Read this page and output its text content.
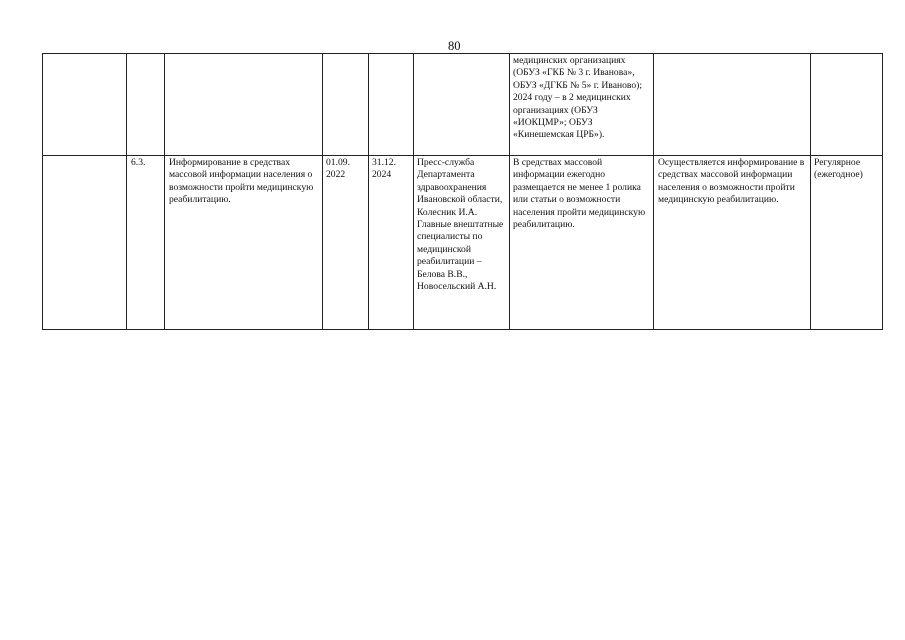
80
						медицинских организациях (ОБУЗ «ГКБ № 3 г. Иванова», ОБУЗ «ДГКБ № 5» г. Иваново); 2024 году – в 2 медицинских организациях (ОБУЗ «ИОКЦМР»; ОБУЗ «Кинешемская ЦРБ»).		
	6.3.	Информирование в средствах массовой информации населения о возможности пройти медицинскую реабилитацию.	01.09. 2022	31.12. 2024	Пресс-служба Департамента здравоохранения Ивановской области, Колесник И.А. Главные внештатные специалисты по медицинской реабилитации – Белова В.В., Новосельский А.Н.	В средствах массовой информации ежегодно размещается не менее 1 ролика или статьи о возможности населения пройти медицинскую реабилитацию.	Осуществляется информирование в средствах массовой информации населения о возможности пройти медицинскую реабилитацию.	Регулярное (ежегодное)
